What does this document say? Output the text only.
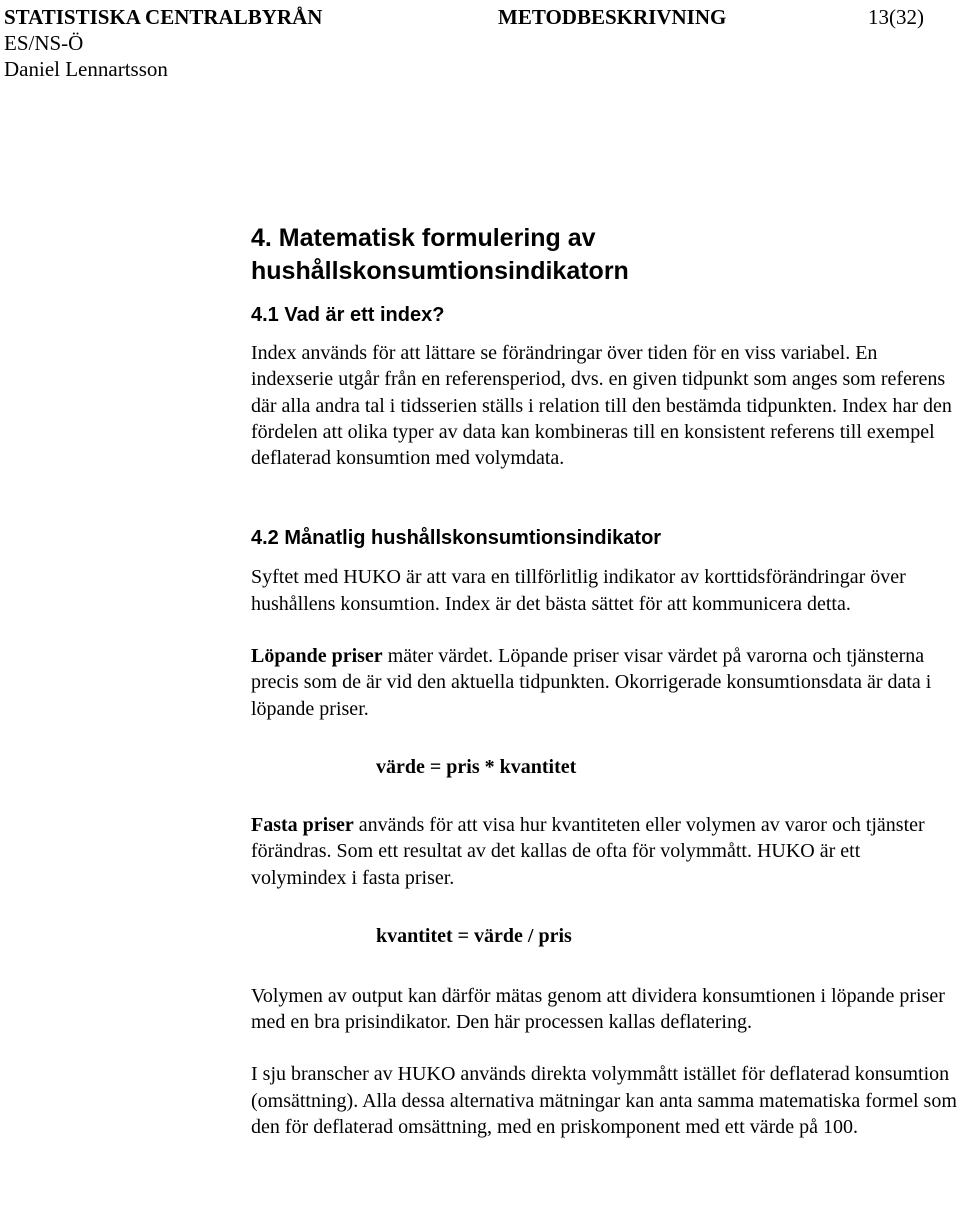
STATISTISKA CENTRALBYRÅN	METODBESKRIVNING	13(32)
ES/NS-Ö
Daniel Lennartsson
4. Matematisk formulering av hushållskonsumtionsindikatorn
4.1 Vad är ett index?

Index används för att lättare se förändringar över tiden för en viss variabel. En indexserie utgår från en referensperiod, dvs. en given tidpunkt som anges som referens där alla andra tal i tidsserien ställs i relation till den bestämda tidpunkten. Index har den fördelen att olika typer av data kan kombineras till en konsistent referens till exempel deflaterad konsumtion med volymdata.

4.2 Månatlig hushållskonsumtionsindikator

Syftet med HUKO är att vara en tillförlitlig indikator av korttidsförändringar över hushållens konsumtion. Index är det bästa sättet för att kommunicera detta.

Löpande priser mäter värdet. Löpande priser visar värdet på varorna och tjänsterna precis som de är vid den aktuella tidpunkten. Okorrigerade konsumtionsdata är data i löpande priser.

värde = pris * kvantitet

Fasta priser används för att visa hur kvantiteten eller volymen av varor och tjänster förändras. Som ett resultat av det kallas de ofta för volymmått. HUKO är ett volymindex i fasta priser.

kvantitet = värde / pris

Volymen av output kan därför mätas genom att dividera konsumtionen i löpande priser med en bra prisindikator. Den här processen kallas deflatering.

I sju branscher av HUKO används direkta volymmått istället för deflaterad konsumtion (omsättning). Alla dessa alternativa mätningar kan anta samma matematiska formel som den för deflaterad omsättning, med en priskomponent med ett värde på 100.
